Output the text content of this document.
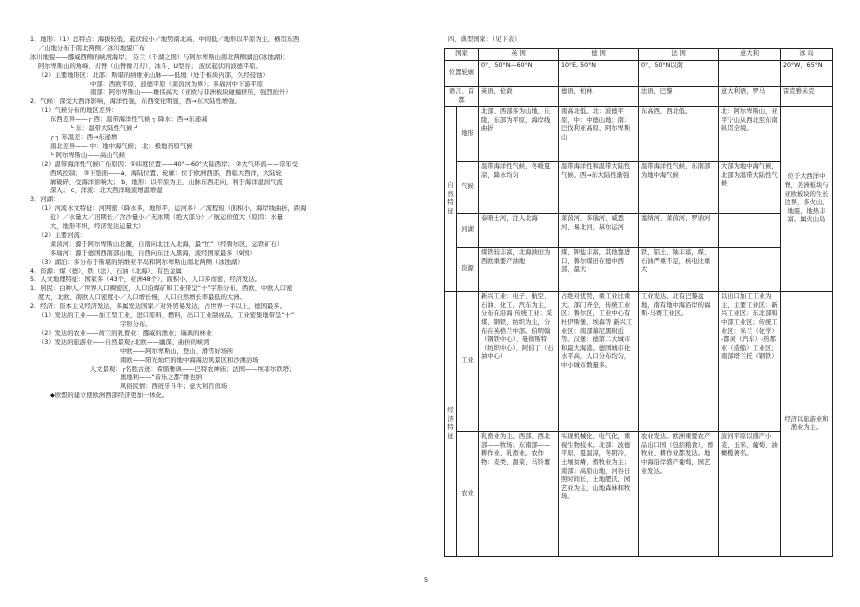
1．地形：（1）总特点：海拔较低，起伏较小／地势南北高、中间低／地形以平原为主，横贯东西
／山地分布于南北两侧／冰川地貌广布
冰川地貌——挪威西侧的峡湾海岸； 芬兰（千湖之国）与阿尔卑斯山南北两侧湖泊(冰蚀湖)；
阿尔卑斯山的角峰、刃脊（山脊像刀刃）、冰斗、U型谷； 波状起伏的波德平原。
（2）主要地形区：北部：斯堪的纳维亚山脉——低缓（处于板块内部，久经侵蚀）
中部：西欧平原、波德平原（莱茵河为界）；多瑙河中下游平原
南部：阿尔卑斯山——雄伟高大（亚欧与非洲板块碰撞挤压，强烈抬升）
2．气候：深受大西洋影响，海洋性强，东西变化明显，西→东大陆性增强。
（1）气候分布的地区差异：
东西差异——┌ 西：温带海洋性气候 ┐ 降水：西→东递减
└ 东：温带大陆性气候 ┘
┌ ┐ 年温差：西→东递增
南北差异—— 中：地中海气候； 北：极地苔原气候
└ 阿尔卑斯山——高山气候
（2）温带海洋性气候广布原因：①纬度位置——40°—60°大陆西岸； ②大气环流——常年受
西风控制； ③下垫面——a、海陆位置、轮廓：位于欧洲西部，西临大西洋，大陆轮
廓破碎，受海洋影响大； b、地形：以平原为主，山脉东西走向，利于海洋湿润气流
深入； c、洋流：北大西洋暖流增温增湿
3．河湖：
（1）河流水文特征：河网密（降水多，地形平，运河多）／流程短（面积小，海岸线曲折，距海
近）／水量大／汛期长／含沙量小／无冰期（绝大部分）／航运价值大（原因：水量
大，地形平坦，经济发达运量大）
（2）主要河流：
莱茵河：源于阿尔卑斯山北麓，自南向北注入北海，最“忙”（经鲁尔区，运铁矿石）
多瑙河：源于德国西南部山地，自西向东注入黑海，流经国家最多（9国）
（3）湖泊：多分布于斯堪的纳维亚半岛和阿尔卑斯山南北两侧（冰蚀湖）
4．资源：煤（德）、铁（法）、石油（北海）、有色金属
5．人文地理特征：国家多（43个，亚洲48个），面积小，人口多而密，经济发达。
1．居民：白种人／世界人口稠密区，人口沿煤矿和工业带呈“十”字形分布，西欧、中欧人口密
度大，北欧、南欧人口密度小／人口增长慢，人口自然增长率最低的大洲。
2．经济：资本主义经济发达，多属发达国家／对外贸易发达，占世界一半以上，德国最多。
（1）发达的工业——加工型工业，进口原料、燃料，出口工业制成品，工业密集地带呈“十”
字形分布。
（2）发达的农业——荷兰的乳畜业：挪威的渔业；瑞典的林业
（3）发达的旅游业——自然景观┌北欧——幽深、曲折的峡湾
中欧——阿尔卑斯山，登山、滑雪好场所
南欧——阳光灿烂的地中海海边风景区和沙滩浴场
人文景观：┌名胜古迹：希腊雅典——巴特农神庙；法国——埃菲尔铁塔；
奥地利——“音乐之都”维也纳
风俗民情：西班牙斗牛；意大利百兽场
◆欧盟的建立使欧洲西部经济更加一体化。
四、典型国家：（见下表）
国家		英 国	德 国	法 国	意大利	冰 岛
位置轮廓		0°、50°N—60°N	10°E, 50°N	0°，50°N以南		20°W，65°N
语言、首都		英语，伦敦	德语，柏林	法语，巴黎	意大利语，罗马	雷克雅未克
自然特征	地形	北部、西部多为山地、丘陵，东部为平原，海岸线曲折	南高北低。北：波德平原，中：中德山地；南：巴伐利亚高原、阿尔卑斯山	东高西，西北低。	北：阿尔卑斯山，亚平宁山从西北至东南纵贯全境。	位于大西洋中脊，美洲板块与亚欧板块的生长边界，多火山、地震，地热丰富。属火山岛
	气候	温带海洋性气候，冬暖夏凉，降水均匀	温带海洋性和温带大陆性气候。西→东大陆性渐强	温带海洋性气候，东南部为地中海气候	大部为地中海气候，北部为温带大陆性气候	
	河湖	泰晤士河，注入北海	莱茵河、多瑙河、威悉河、易北河、基尔运河	塞纳河、莱茵河、罗讷河		
	资源	煤铁较丰富，北海油田为西欧重要产油地	煤、钾盐丰富，其他靠进口，鲁尔煤田在德中西部，最大	铁、铝土、铀丰富，煤、石油严重不足，核电比重大		
经济特征	工业	新兴工业：电子、航空、石油、化工、汽车为主，分布在沿海 传统工业：采煤、钢铁、纺织为主，分布在英格兰中部。伯明翰（钢铁中心）、曼彻斯特（纺织中心）、阿伯丁（石油中心）	占绝对优势，重工业比重大。部门齐全，传统工业区：鲁尔区，工业中心有杜伊斯堡、埃森等 新兴工业区：南部慕尼黑附近等。汉堡：德第二大城市和最大海港。德国城市化水平高，人口分布均匀，中小城市数量多。	工业发达。北有巴黎盆地，南有地中海沿岸的福斯-马赛工业区。	以出口加工工业为主，主要工业区：新兴工业区：东北部和中部工业区；传统工业区：米兰（化学）-都灵（汽车）-热那亚（造船）工业区；南部塔兰托（钢铁）	经济以旅游业和渔业为主。
	农业	乳畜业为主。西部、西北部——牧场；东南部——耕作业、乳畜业。农作物：麦类、甜菜、马铃薯	实现机械化、电气化，重视生物技术。北部：波德平原，夏温凉，冬阴冷，土壤贫瘠，畜牧业为主；南部：高原山地，河谷日照时间长，土地肥沃，园艺业为主，山地森林和牧场。	农业发达。欧洲重要农产品出口国（包括粮食），畜牧业、耕作业都发达。地中海沿岸盛产葡萄，园艺业发达。	波河平原以盛产小麦、玉米、葡萄、油橄榄著名。	
5
